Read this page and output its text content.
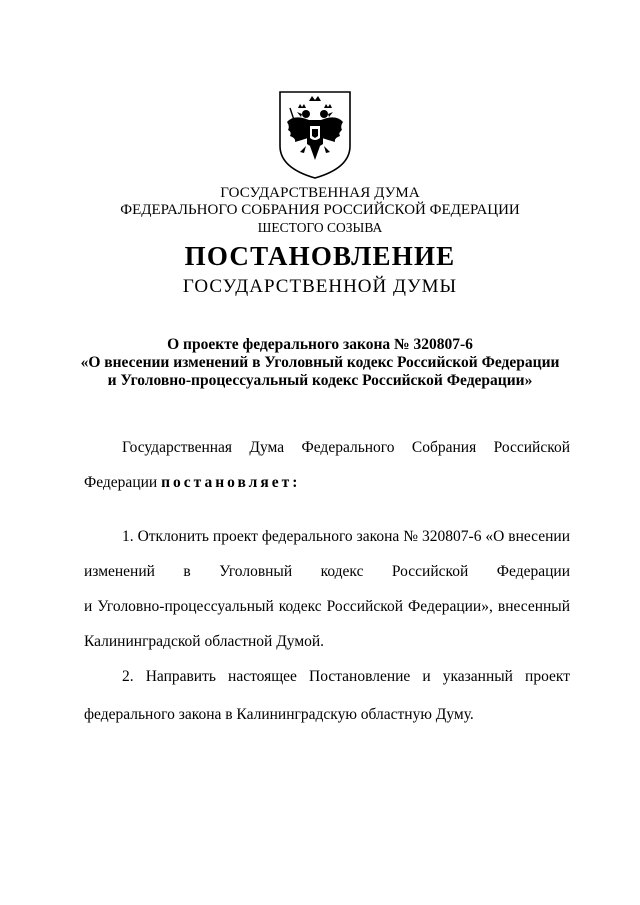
ГОСУДАРСТВЕННАЯ ДУМА
ФЕДЕРАЛЬНОГО СОБРАНИЯ РОССИЙСКОЙ ФЕДЕРАЦИИ
ШЕСТОГО СОЗЫВА
ПОСТАНОВЛЕНИЕ
ГОСУДАРСТВЕННОЙ ДУМЫ
О проекте федерального закона № 320807-6
«О внесении изменений в Уголовный кодекс Российской Федерации
и Уголовно-процессуальный кодекс Российской Федерации»
Государственная Дума Федерального Собрания Российской
Федерации постановляет:
1. Отклонить проект федерального закона № 320807-6 «О внесении
изменений в Уголовный кодекс Российской Федерации
и Уголовно-процессуальный кодекс Российской Федерации», внесенный
Калининградской областной Думой.
2. Направить настоящее Постановление и указанный проект
федерального закона в Калининградскую областную Думу.
